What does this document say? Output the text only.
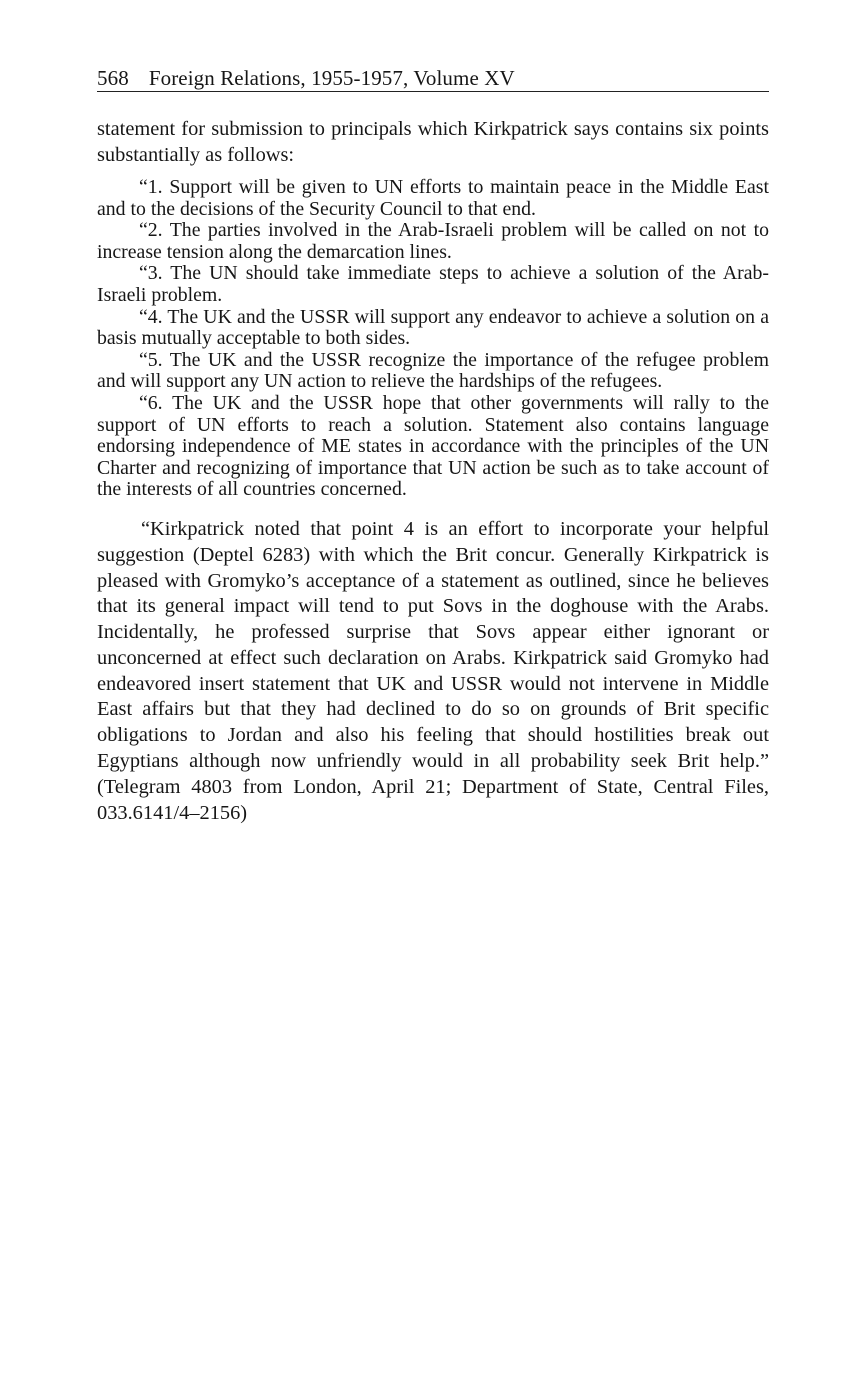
568 Foreign Relations, 1955-1957, Volume XV

statement for submission to principals which Kirkpatrick says contains six points substantially as follows:

“1. Support will be given to UN efforts to maintain peace in the Middle East and to the decisions of the Security Council to that end.

“2. The parties involved in the Arab-Israeli problem will be called on not to increase tension along the demarcation lines.

“3. The UN should take immediate steps to achieve a solution of the Arab-Israeli problem.

“4. The UK and the USSR will support any endeavor to achieve a solution on a basis mutually acceptable to both sides.

“5. The UK and the USSR recognize the importance of the refugee problem and will support any UN action to relieve the hardships of the refugees.

“6. The UK and the USSR hope that other governments will rally to the support of UN efforts to reach a solution. Statement also contains language endorsing independence of ME states in accordance with the principles of the UN Charter and recognizing of importance that UN action be such as to take account of the interests of all countries concerned.

“Kirkpatrick noted that point 4 is an effort to incorporate your helpful suggestion (Deptel 6283) with which the Brit concur. Generally Kirkpatrick is pleased with Gromyko’s acceptance of a statement as outlined, since he believes that its general impact will tend to put Sovs in the doghouse with the Arabs. Incidentally, he professed surprise that Sovs appear either ignorant or unconcerned at effect such declaration on Arabs. Kirkpatrick said Gromyko had endeavored insert statement that UK and USSR would not intervene in Middle East affairs but that they had declined to do so on grounds of Brit specific obligations to Jordan and also his feeling that should hostilities break out Egyptians although now unfriendly would in all probability seek Brit help.” (Telegram 4803 from London, April 21; Department of State, Central Files, 033.6141/4–2156)
